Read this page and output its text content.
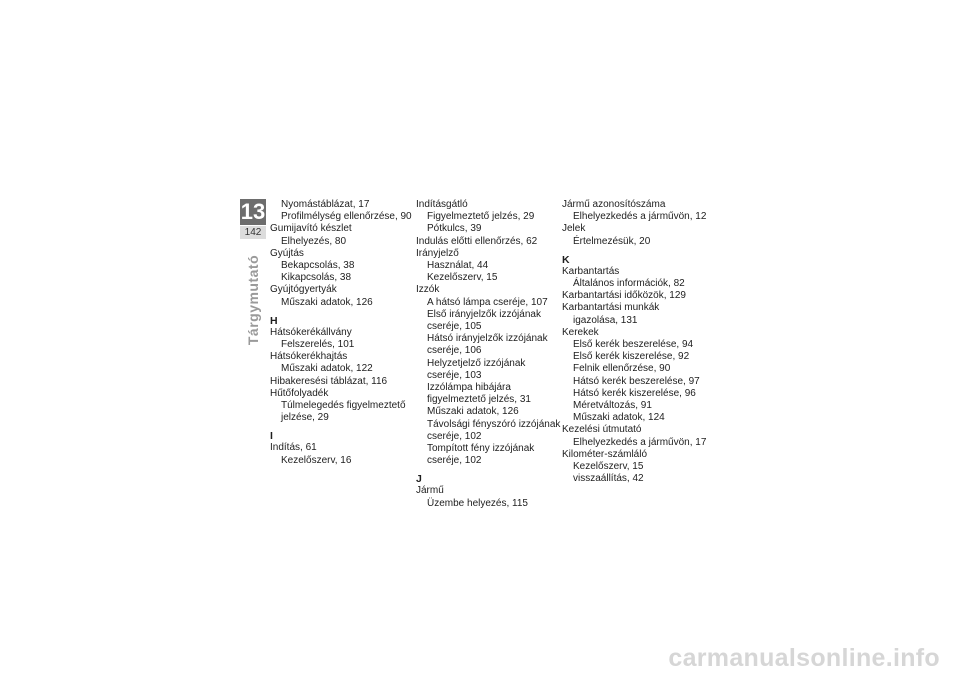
13
142
Tárgymutató
Nyomástáblázat, 17
Profilmélység ellenőrzése, 90
Gumijavító készlet
Elhelyezés, 80
Gyújtás
Bekapcsolás, 38
Kikapcsolás, 38
Gyújtógyertyák
Műszaki adatok, 126
H
Hátsókerékállvány
Felszerelés, 101
Hátsókerékhajtás
Műszaki adatok, 122
Hibakeresési táblázat, 116
Hűtőfolyadék
Túlmelegedés figyelmeztető
jelzése, 29
I
Indítás, 61
Kezelőszerv, 16
Indításgátló
Figyelmeztető jelzés, 29
Pótkulcs, 39
Indulás előtti ellenőrzés, 62
Irányjelző
Használat, 44
Kezelőszerv, 15
Izzók
A hátsó lámpa cseréje, 107
Első irányjelzők izzójának
cseréje, 105
Hátsó irányjelzők izzójának
cseréje, 106
Helyzetjelző izzójának
cseréje, 103
Izzólámpa hibájára
figyelmeztető jelzés, 31
Műszaki adatok, 126
Távolsági fényszóró izzójának
cseréje, 102
Tompított fény izzójának
cseréje, 102
J
Jármű
Üzembe helyezés, 115
Jármű azonosítószáma
Elhelyezkedés a járművön, 12
Jelek
Értelmezésük, 20
K
Karbantartás
Általános információk, 82
Karbantartási időközök, 129
Karbantartási munkák
igazolása, 131
Kerekek
Első kerék beszerelése, 94
Első kerék kiszerelése, 92
Felnik ellenőrzése, 90
Hátsó kerék beszerelése, 97
Hátsó kerék kiszerelése, 96
Méretváltozás, 91
Műszaki adatok, 124
Kezelési útmutató
Elhelyezkedés a járművön, 17
Kilométer-számláló
Kezelőszerv, 15
visszaállítás, 42
carmanualsonline.info
